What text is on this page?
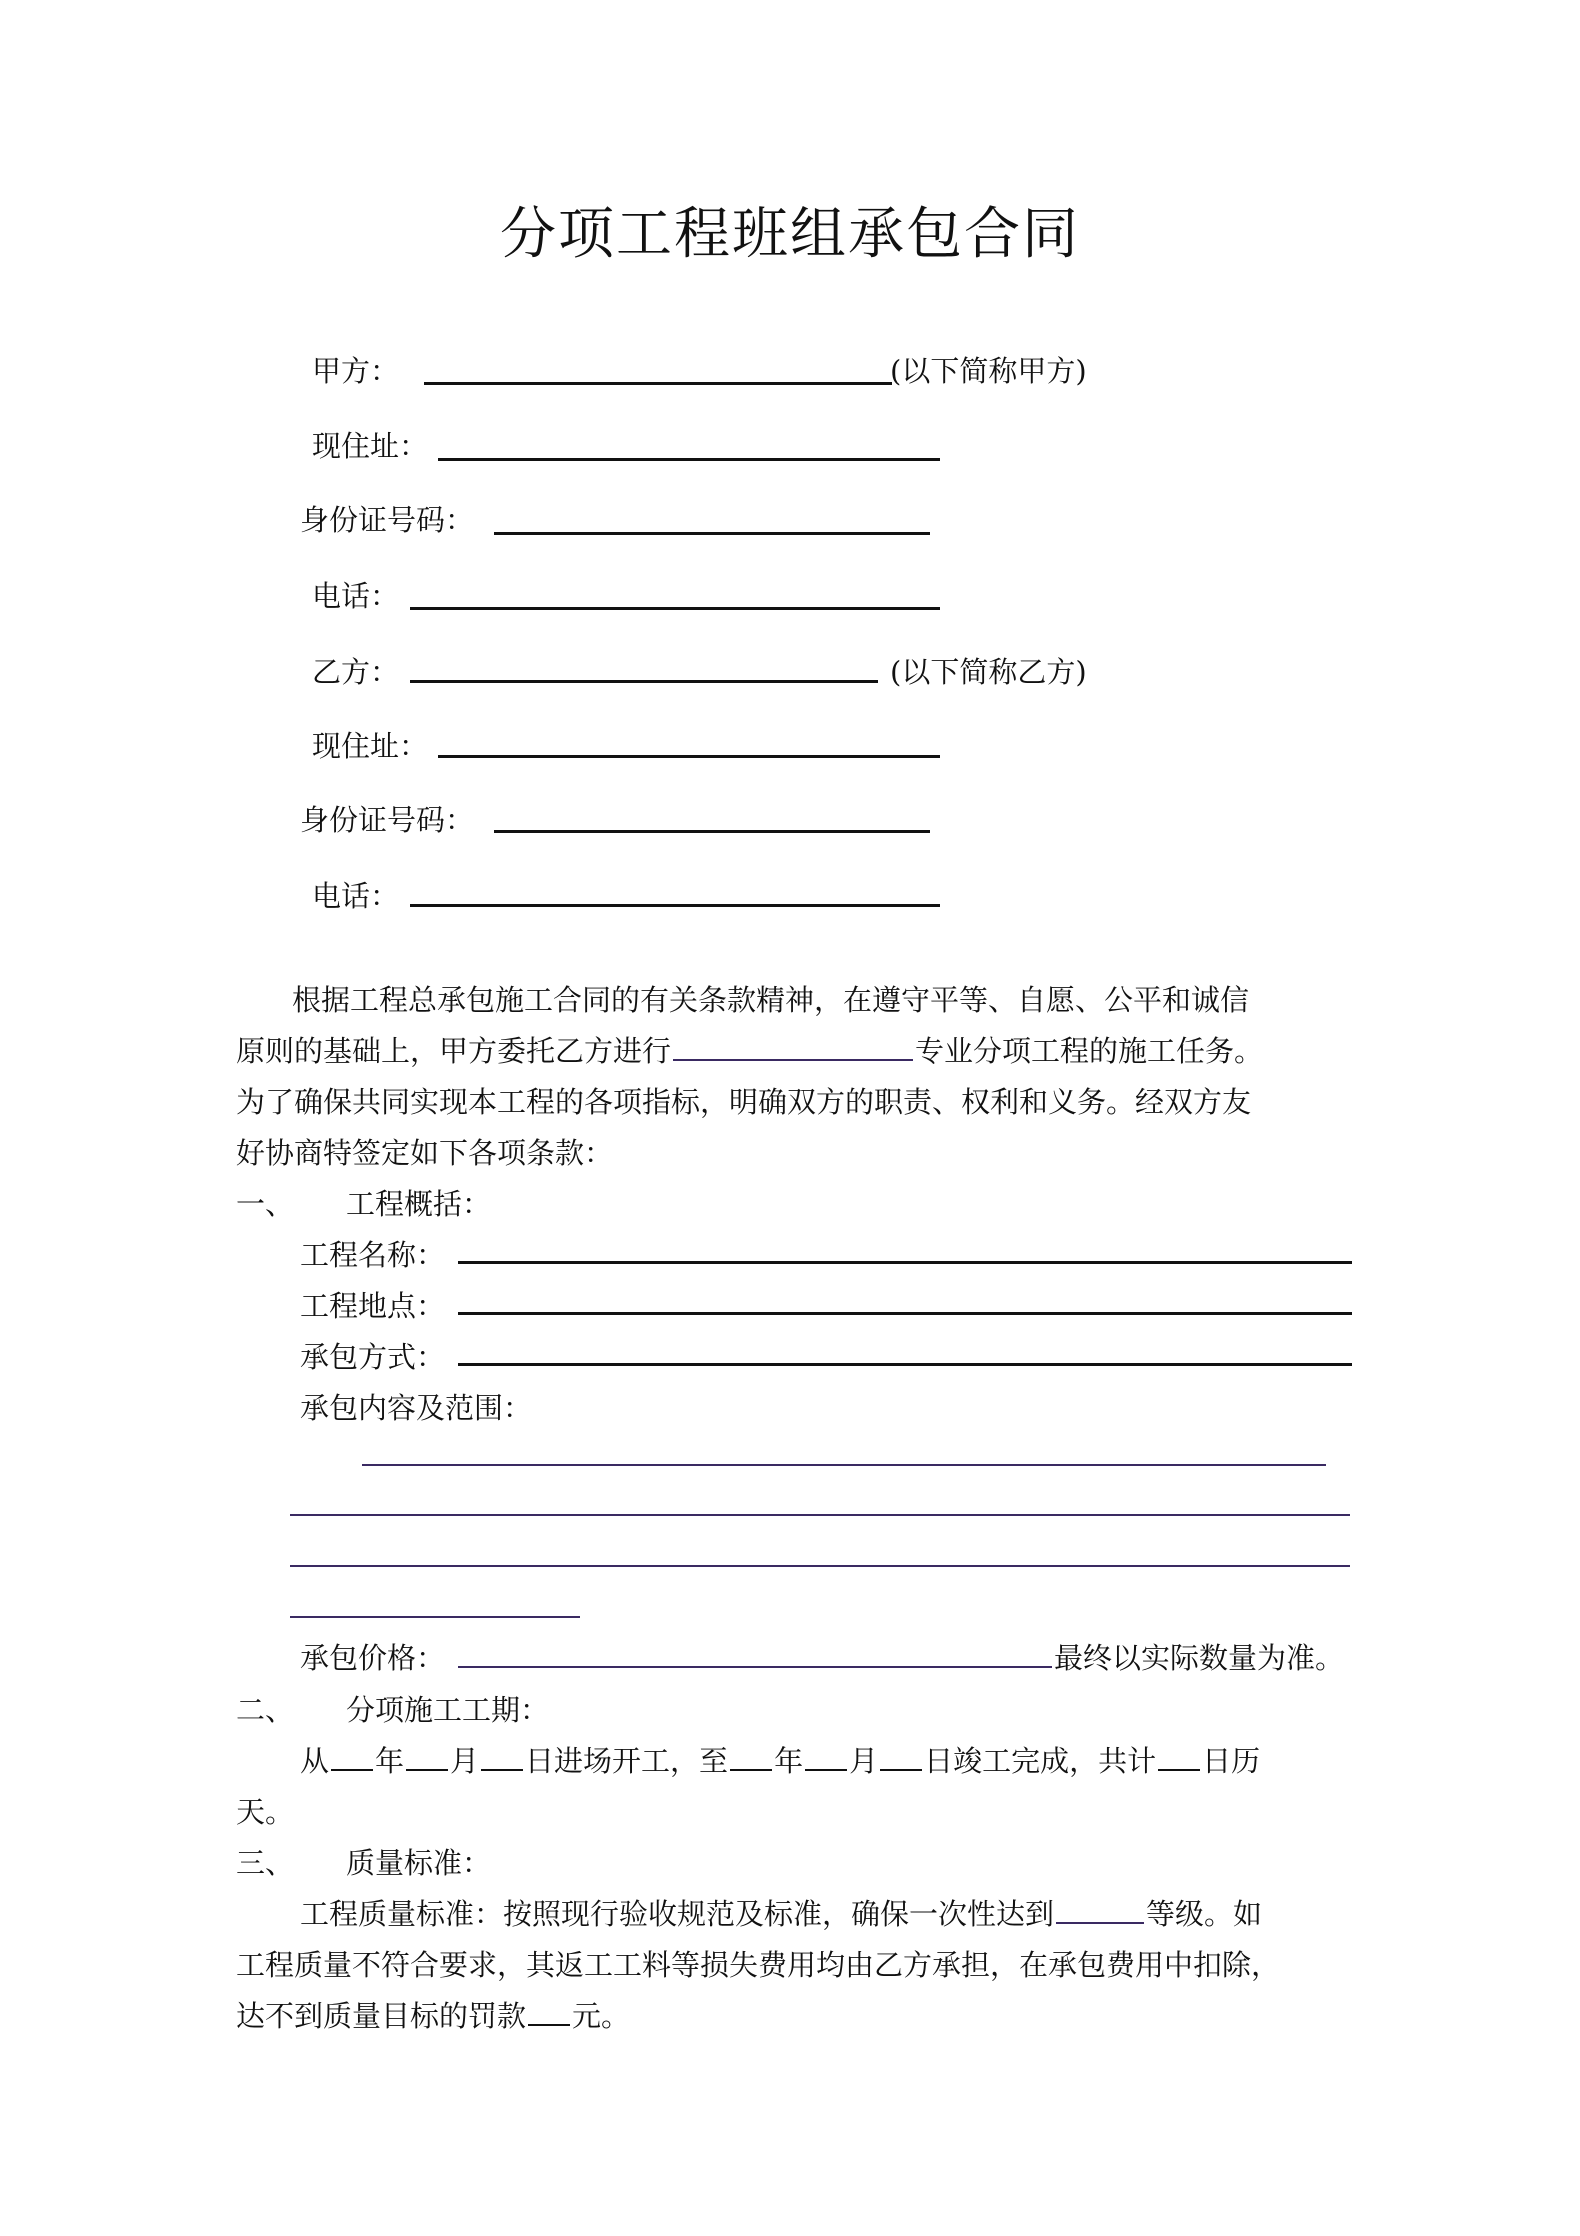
分项工程班组承包合同
甲方：	(以下简称甲方)
现住址：
身份证号码：
电话：
乙方：	(以下简称乙方)
现住址：
身份证号码：
电话：
根据工程总承包施工合同的有关条款精神，在遵守平等、自愿、公平和诚信
原则的基础上，甲方委托乙方进行	专业分项工程的施工任务。
为了确保共同实现本工程的各项指标，明确双方的职责、权利和义务。经双方友
好协商特签定如下各项条款：
一、 工程概括：
工程名称：
工程地点：
承包方式：
承包内容及范围：
承包价格：	最终以实际数量为准。
二、 分项施工工期：
从 年 月 日进场开工，至 年 月 日竣工完成，共计 日历
天。
三、 质量标准：
工程质量标准：按照现行验收规范及标准，确保一次性达到	等级。如
工程质量不符合要求，其返工工料等损失费用均由乙方承担，在承包费用中扣除，
达不到质量目标的罚款 元。
